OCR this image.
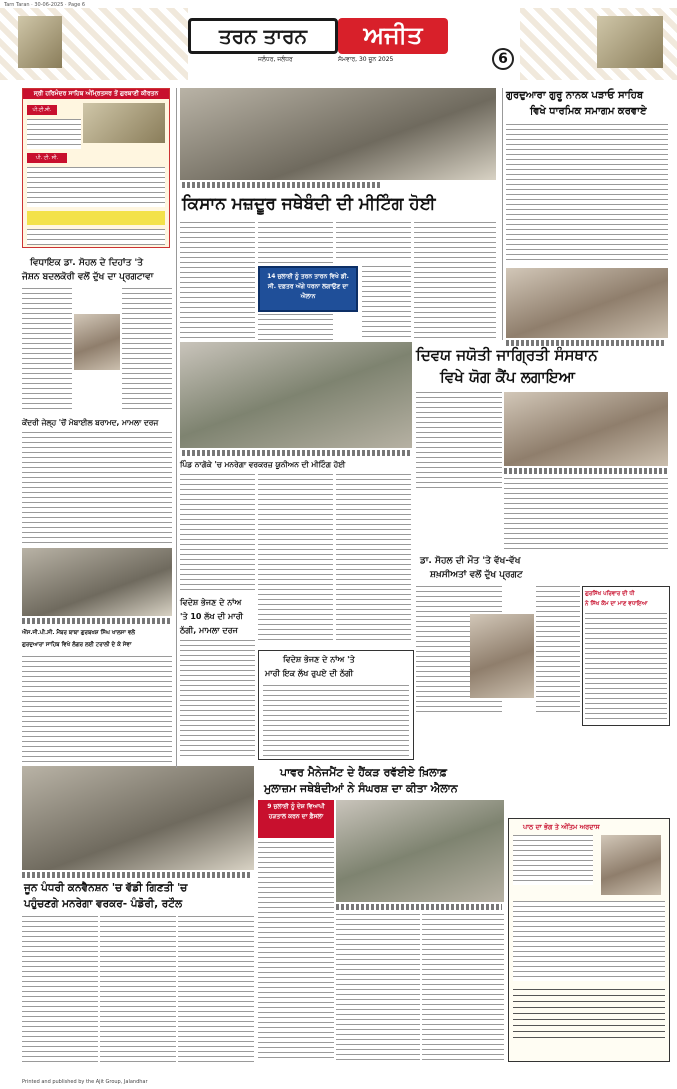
Tarn Taran · 30-06-2025 · Page 6
ਤਰਨ ਤਾਰਨ	ਅਜੀਤ
ਜਲੰਧਰ, ਜਲੰਧਰ	ਸੋਮਵਾਰ, 30 ਜੂਨ 2025	6
ਸ੍ਰੀ ਹਰਿਮੰਦਰ ਸਾਹਿਬ ਅੰਮ੍ਰਿਤਸਰ ਤੋਂ ਗੁਰਬਾਣੀ ਕੀਰਤਨ
ਪੀ.ਟੀ.ਸੀ.
ਪੀ. ਟੀ. ਸੀ.
ਗੁਰਦੁਆਰਾ ਗੁਰੂ ਨਾਨਕ ਪੜਾਓ ਸਾਹਿਬ
ਵਿਖੇ ਧਾਰਮਿਕ ਸਮਾਗਮ ਕਰਵਾਏ
ਕਿਸਾਨ ਮਜ਼ਦੂਰ ਜਥੇਬੰਦੀ ਦੀ ਮੀਟਿੰਗ ਹੋਈ
14 ਜੁਲਾਈ ਨੂੰ ਤਰਨ ਤਾਰਨ ਵਿਖੇ ਡੀ. ਸੀ. ਦਫ਼ਤਰ ਅੱਗੇ ਧਰਨਾ ਲਗਾਉਣ ਦਾ ਐਲਾਨ
ਵਿਧਾਇਕ ਡਾ. ਸੋਹਲ ਦੇ ਦਿਹਾਂਤ 'ਤੇ
ਜੋਸ਼ਨ ਬਦਲਕੋਰੀ ਵਲੋਂ ਦੁੱਖ ਦਾ ਪ੍ਰਗਟਾਵਾ
ਕੇਂਦਰੀ ਜੇਲ੍ਹ 'ਚੋਂ ਮੋਬਾਈਲ ਬਰਾਮਦ, ਮਾਮਲਾ ਦਰਜ
ਐੱਸ.ਜੀ.ਪੀ.ਸੀ. ਮੈਂਬਰ ਬਾਬਾ ਗੁਰਬਖਸ਼ ਸਿੰਘ ਖਾਲਸਾ ਵਲੋਂ
ਗੁਰਦੁਆਰਾ ਸਾਹਿਬ ਵਿਖੇ ਲੰਗਰ ਲਈ ਟਰਾਲੀ ਦੇ ਕੇ ਸੇਵਾ
ਪਿੰਡ ਨਾਗੋਕੇ 'ਚ ਮਨਰੇਗਾ ਵਰਕਰਜ਼ ਯੂਨੀਅਨ ਦੀ ਮੀਟਿੰਗ ਹੋਈ
ਵਿਦੇਸ਼ ਭੇਜਣ ਦੇ ਨਾਂਅ
'ਤੇ 10 ਲੱਖ ਦੀ ਮਾਰੀ
ਠੱਗੀ, ਮਾਮਲਾ ਦਰਜ
ਵਿਦੇਸ਼ ਭੇਜਣ ਦੇ ਨਾਂਅ 'ਤੇ
ਮਾਰੀ ਇਕ ਲੱਖ ਰੁਪਏ ਦੀ ਠੱਗੀ
ਦਿਵਯ ਜਯੋਤੀ ਜਾਗ੍ਰਿਤੀ ਸੰਸਥਾਨ
ਵਿਖੇ ਯੋਗ ਕੈਂਪ ਲਗਾਇਆ
ਡਾ. ਸੋਹਲ ਦੀ ਮੌਤ 'ਤੇ ਵੱਖ-ਵੱਖ
ਸ਼ਖ਼ਸੀਅਤਾਂ ਵਲੋਂ ਦੁੱਖ ਪ੍ਰਗਟ
ਗੁਰਸਿੱਖ ਪਰਿਵਾਰ ਦੀ ਧੀ
ਨੇ ਸਿੱਖ ਕੌਮ ਦਾ ਮਾਣ ਵਧਾਇਆ
ਪਾਵਰ ਮੈਨੇਜਮੈਂਟ ਦੇ ਹੈਂਕੜ ਰਵੱਈਏ ਖ਼ਿਲਾਫ਼
ਮੁਲਾਜ਼ਮ ਜਥੇਬੰਦੀਆਂ ਨੇ ਸੰਘਰਸ਼ ਦਾ ਕੀਤਾ ਐਲਾਨ
9 ਜੁਲਾਈ ਨੂੰ ਦੇਸ਼ ਵਿਆਪੀ ਹੜਤਾਲ ਕਰਨ ਦਾ ਫ਼ੈਸਲਾ
ਜੂਨ ਪੰਧਰੀ ਕਨਵੈਨਸ਼ਨ 'ਚ ਵੱਡੀ ਗਿਣਤੀ 'ਚ
ਪਹੁੰਚਣਗੇ ਮਨਰੇਗਾ ਵਰਕਰ- ਪੰਡੋਰੀ, ਰਟੌਲ
ਪਾਠ ਦਾ ਭੋਗ ਤੇ ਅੰਤਿਮ ਅਰਦਾਸ
Printed and published by the Ajit Group, Jalandhar
